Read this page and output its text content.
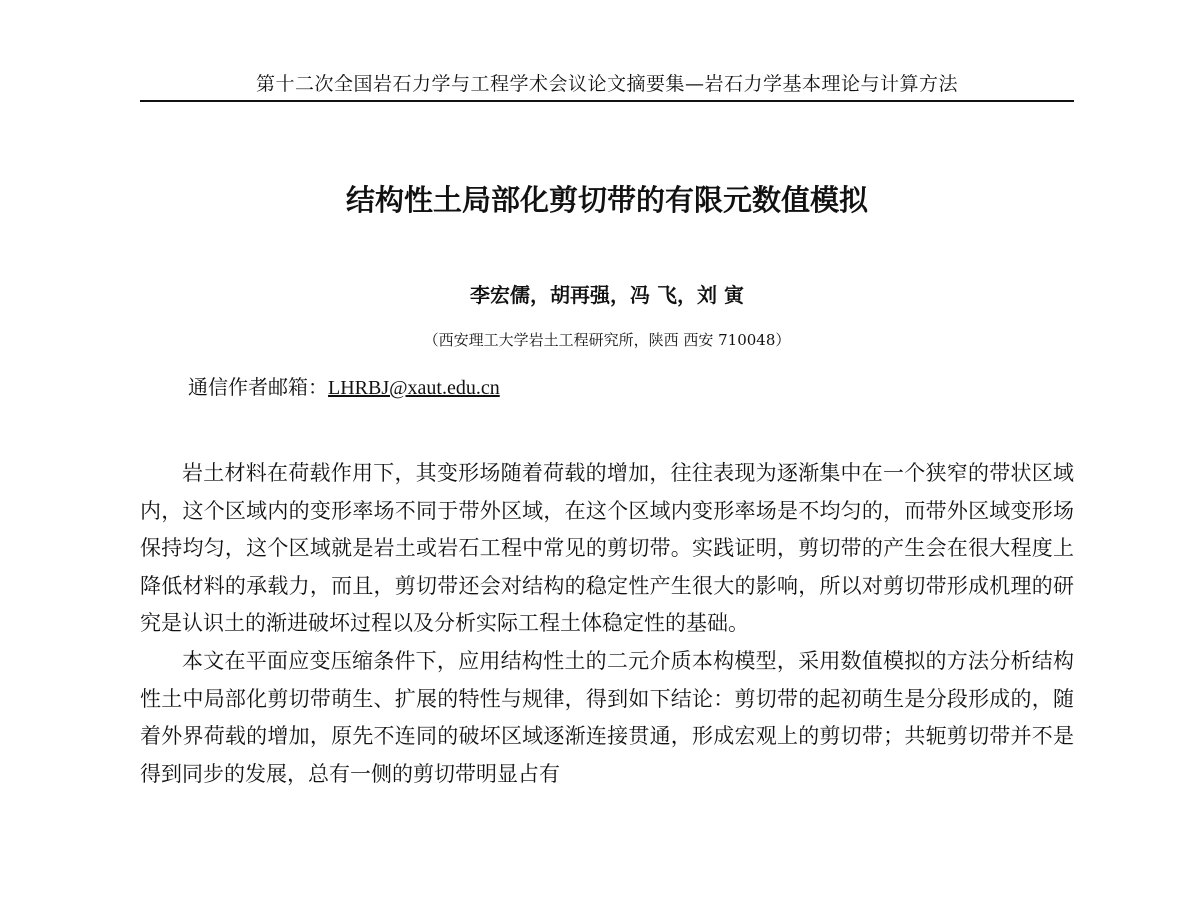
第十二次全国岩石力学与工程学术会议论文摘要集—岩石力学基本理论与计算方法
结构性土局部化剪切带的有限元数值模拟
李宏儒，胡再强，冯 飞，刘 寅
（西安理工大学岩土工程研究所，陕西 西安 710048）
通信作者邮箱：LHRBJ@xaut.edu.cn

岩土材料在荷载作用下，其变形场随着荷载的增加，往往表现为逐渐集中在一个狭窄的带状区域内，这个区域内的变形率场不同于带外区域，在这个区域内变形率场是不均匀的，而带外区域变形场保持均匀，这个区域就是岩土或岩石工程中常见的剪切带。实践证明，剪切带的产生会在很大程度上降低材料的承载力，而且，剪切带还会对结构的稳定性产生很大的影响，所以对剪切带形成机理的研究是认识土的渐进破坏过程以及分析实际工程土体稳定性的基础。

本文在平面应变压缩条件下，应用结构性土的二元介质本构模型，采用数值模拟的方法分析结构性土中局部化剪切带萌生、扩展的特性与规律，得到如下结论：剪切带的起初萌生是分段形成的，随着外界荷载的增加，原先不连同的破坏区域逐渐连接贯通，形成宏观上的剪切带；共轭剪切带并不是得到同步的发展，总有一侧的剪切带明显占有
